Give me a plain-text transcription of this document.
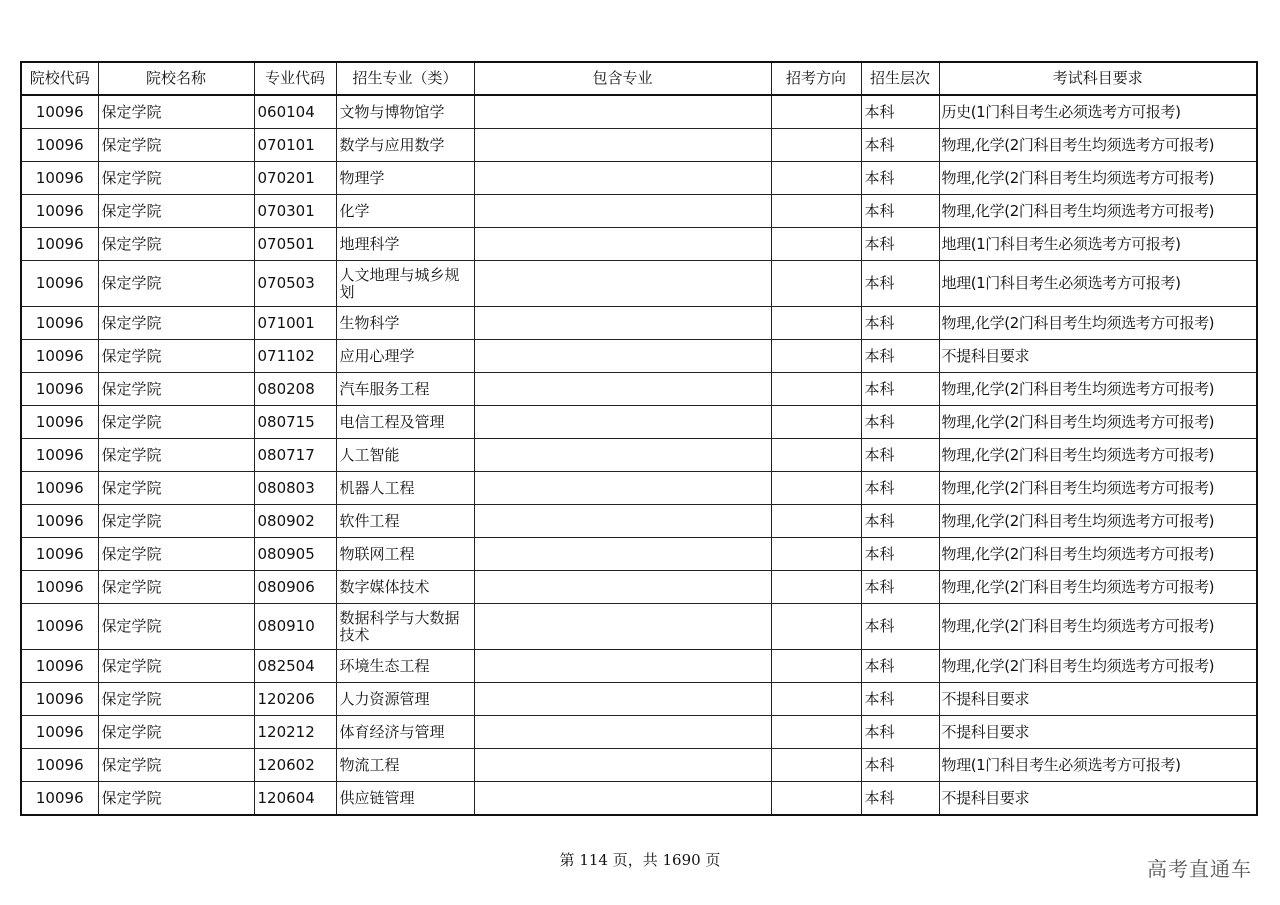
院校代码	院校名称	专业代码	招生专业（类）	包含专业	招考方向	招生层次	考试科目要求
10096	保定学院	060104	文物与博物馆学			本科	历史(1门科目考生必须选考方可报考)
10096	保定学院	070101	数学与应用数学			本科	物理,化学(2门科目考生均须选考方可报考)
10096	保定学院	070201	物理学			本科	物理,化学(2门科目考生均须选考方可报考)
10096	保定学院	070301	化学			本科	物理,化学(2门科目考生均须选考方可报考)
10096	保定学院	070501	地理科学			本科	地理(1门科目考生必须选考方可报考)
10096	保定学院	070503	人文地理与城乡规划			本科	地理(1门科目考生必须选考方可报考)
10096	保定学院	071001	生物科学			本科	物理,化学(2门科目考生均须选考方可报考)
10096	保定学院	071102	应用心理学			本科	不提科目要求
10096	保定学院	080208	汽车服务工程			本科	物理,化学(2门科目考生均须选考方可报考)
10096	保定学院	080715	电信工程及管理			本科	物理,化学(2门科目考生均须选考方可报考)
10096	保定学院	080717	人工智能			本科	物理,化学(2门科目考生均须选考方可报考)
10096	保定学院	080803	机器人工程			本科	物理,化学(2门科目考生均须选考方可报考)
10096	保定学院	080902	软件工程			本科	物理,化学(2门科目考生均须选考方可报考)
10096	保定学院	080905	物联网工程			本科	物理,化学(2门科目考生均须选考方可报考)
10096	保定学院	080906	数字媒体技术			本科	物理,化学(2门科目考生均须选考方可报考)
10096	保定学院	080910	数据科学与大数据技术			本科	物理,化学(2门科目考生均须选考方可报考)
10096	保定学院	082504	环境生态工程			本科	物理,化学(2门科目考生均须选考方可报考)
10096	保定学院	120206	人力资源管理			本科	不提科目要求
10096	保定学院	120212	体育经济与管理			本科	不提科目要求
10096	保定学院	120602	物流工程			本科	物理(1门科目考生必须选考方可报考)
10096	保定学院	120604	供应链管理			本科	不提科目要求
第 114 页，共 1690 页	高考直通车
